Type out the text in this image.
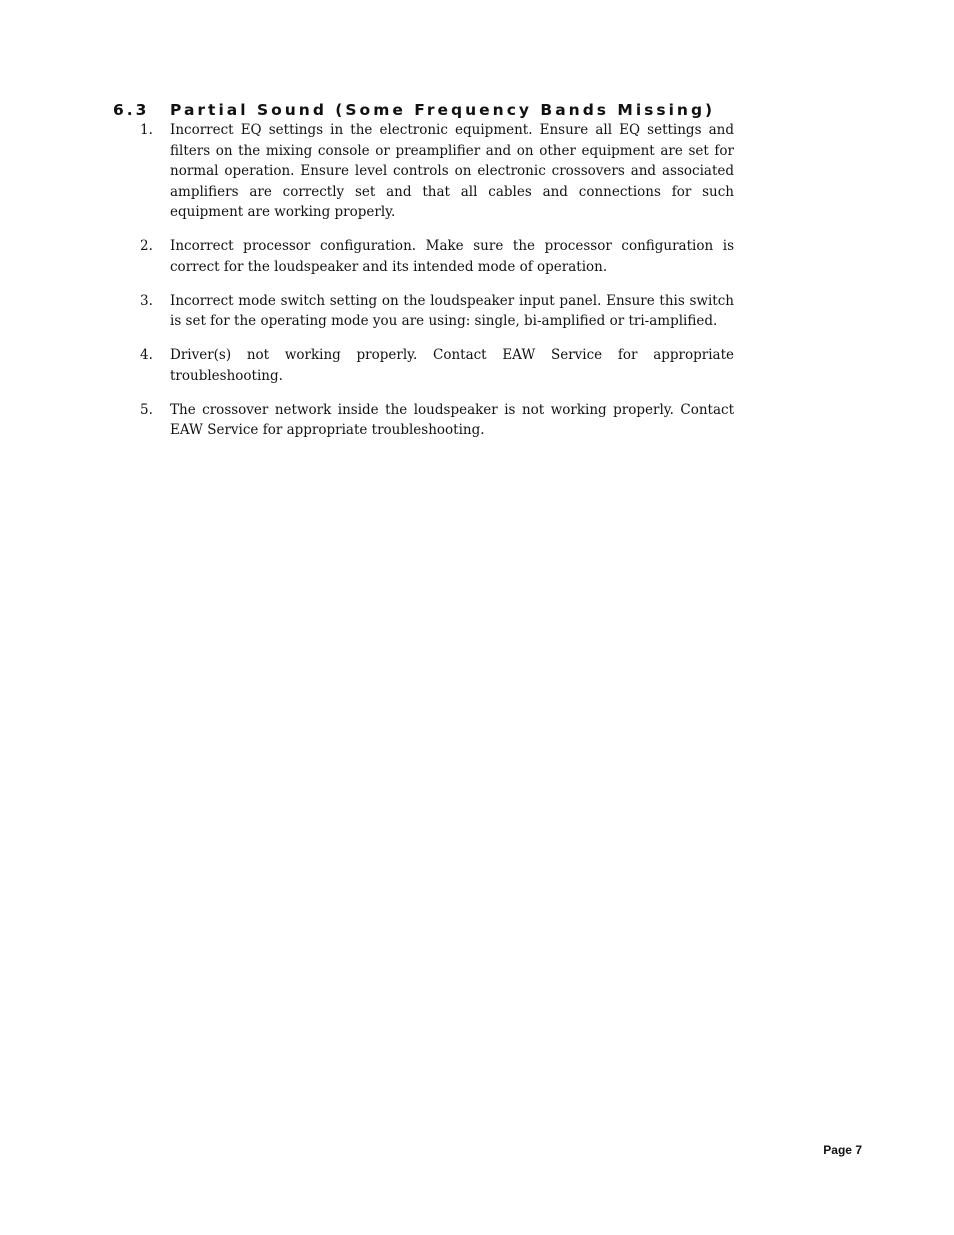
6.3 Partial Sound (Some Frequency Bands Missing)
1. Incorrect EQ settings in the electronic equipment. Ensure all EQ settings and filters on the mixing console or preamplifier and on other equipment are set for normal operation. Ensure level controls on electronic crossovers and associated amplifiers are correctly set and that all cables and connections for such equipment are working properly.
2. Incorrect processor configuration. Make sure the processor configuration is correct for the loudspeaker and its intended mode of operation.
3. Incorrect mode switch setting on the loudspeaker input panel. Ensure this switch is set for the operating mode you are using: single, bi-amplified or tri-amplified.
4. Driver(s) not working properly. Contact EAW Service for appropriate troubleshooting.
5. The crossover network inside the loudspeaker is not working properly. Contact EAW Service for appropriate troubleshooting.
Page 7
